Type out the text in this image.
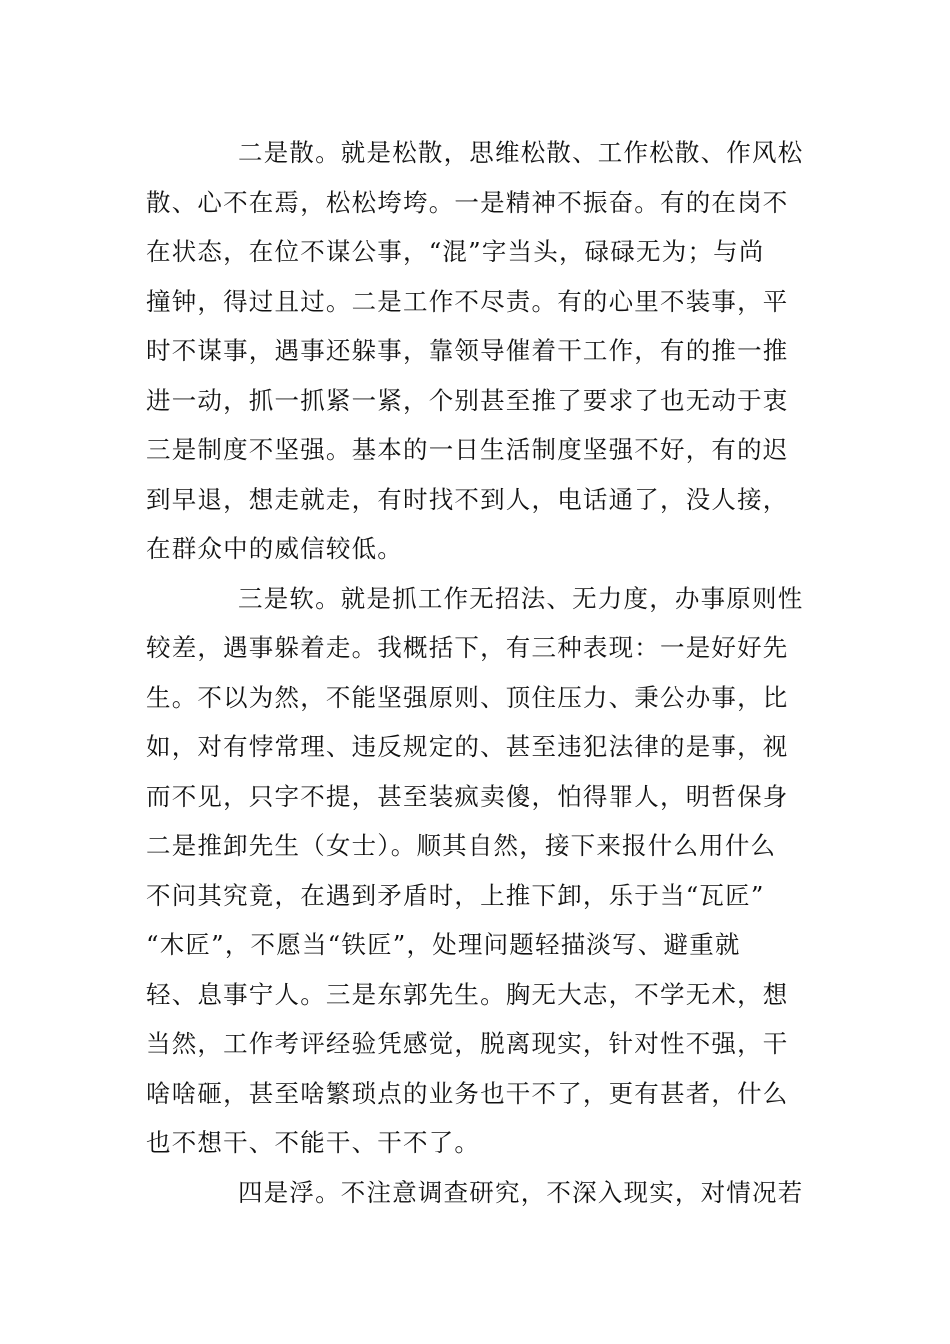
二是散。就是松散，思维松散、工作松散、作风松
散、心不在焉，松松垮垮。一是精神不振奋。有的在岗不
在状态，在位不谋公事，“混”字当头，碌碌无为；与尚
撞钟，得过且过。二是工作不尽责。有的心里不装事，平
时不谋事，遇事还躲事，靠领导催着干工作，有的推一推
进一动，抓一抓紧一紧，个别甚至推了要求了也无动于衷
三是制度不坚强。基本的一日生活制度坚强不好，有的迟
到早退，想走就走，有时找不到人，电话通了，没人接，
在群众中的威信较低。
三是软。就是抓工作无招法、无力度，办事原则性
较差，遇事躲着走。我概括下，有三种表现：一是好好先
生。不以为然，不能坚强原则、顶住压力、秉公办事，比
如，对有悖常理、违反规定的、甚至违犯法律的是事，视
而不见，只字不提，甚至装疯卖傻，怕得罪人，明哲保身
二是推卸先生（女士）。顺其自然，接下来报什么用什么
不问其究竟，在遇到矛盾时，上推下卸，乐于当“瓦匠”
“木匠”，不愿当“铁匠”，处理问题轻描淡写、避重就
轻、息事宁人。三是东郭先生。胸无大志，不学无术，想
当然，工作考评经验凭感觉，脱离现实，针对性不强，干
啥啥砸，甚至啥繁琐点的业务也干不了，更有甚者，什么
也不想干、不能干、干不了。
四是浮。不注意调查研究，不深入现实，对情况若
